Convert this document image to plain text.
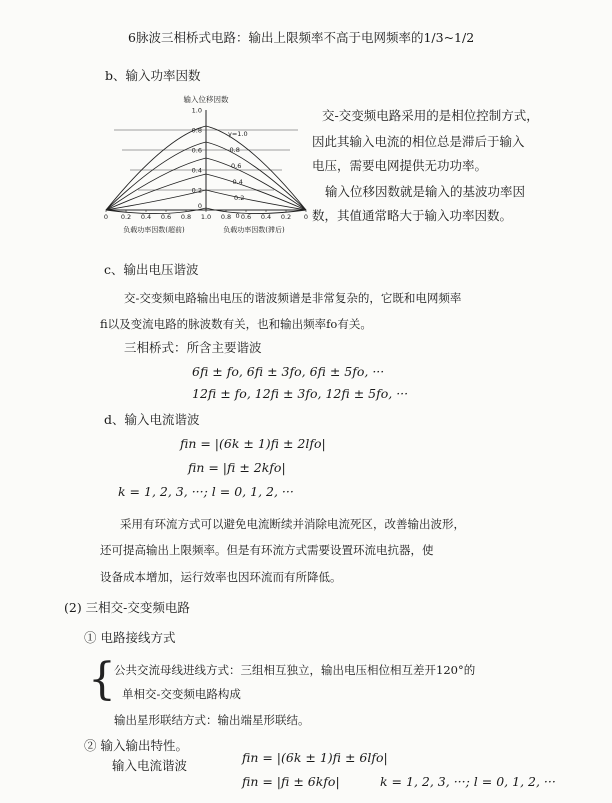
6脉波三相桥式电路：输出上限频率不高于电网频率的1/3~1/2
b、输入功率因数
输入位移因数
γ=1.0
0.8
0.6
0.4
0.2
0
0.2
0.4
0.6
0.8
1.0
0
0 0.2 0.4 0.6 0.8 1.0 0.8 0.6 0.4 0.2 0
负载功率因数(超前)	负载功率因数(滞后)
交-交变频电路采用的是相位控制方式，
因此其输入电流的相位总是滞后于输入
电压，需要电网提供无功功率。
输入位移因数就是输入的基波功率因
数，其值通常略大于输入功率因数。
c、输出电压谐波
交-交变频电路输出电压的谐波频谱是非常复杂的，它既和电网频率
fi以及变流电路的脉波数有关，也和输出频率fo有关。
三相桥式：所含主要谐波
6fi ± fo, 6fi ± 3fo, 6fi ± 5fo, ···
12fi ± fo, 12fi ± 3fo, 12fi ± 5fo, ···
d、输入电流谐波
fin = |(6k ± 1)fi ± 2lfo|
fin = |fi ± 2kfo|
k = 1, 2, 3, ···; l = 0, 1, 2, ···
采用有环流方式可以避免电流断续并消除电流死区，改善输出波形，
还可提高输出上限频率。但是有环流方式需要设置环流电抗器，使
设备成本增加，运行效率也因环流而有所降低。
(2) 三相交-交变频电路
① 电路接线方式
{
公共交流母线进线方式：三组相互独立，输出电压相位相互差开120°的
单相交-交变频电路构成
输出星形联结方式：输出端星形联结。
② 输入输出特性。
输入电流谐波
fin = |(6k ± 1)fi ± 6lfo|
fin = |fi ± 6kfo|	k = 1, 2, 3, ···; l = 0, 1, 2, ···
